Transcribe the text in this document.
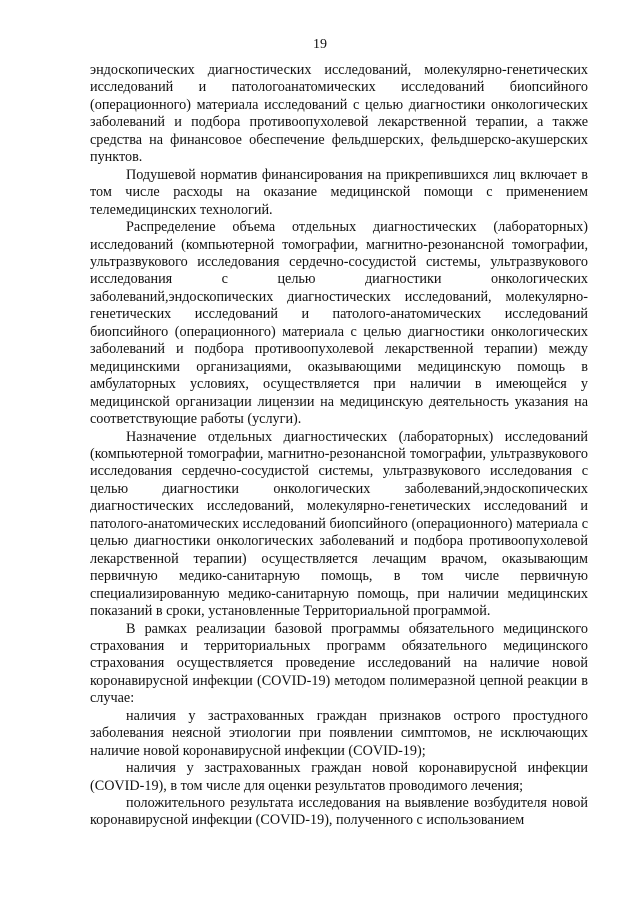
19

эндоскопических диагностических исследований, молекулярно-генетических исследований и патологоанатомических исследований биопсийного (операционного) материала исследований с целью диагностики онкологических заболеваний и подбора противоопухолевой лекарственной терапии, а также средства на финансовое обеспечение фельдшерских, фельдшерско-акушерских пунктов.

Подушевой норматив финансирования на прикрепившихся лиц включает в том числе расходы на оказание медицинской помощи с применением телемедицинских технологий.

Распределение объема отдельных диагностических (лабораторных) исследований (компьютерной томографии, магнитно-резонансной томографии, ультразвукового исследования сердечно-сосудистой системы, ультразвукового исследования с целью диагностики онкологических заболеваний,эндоскопических диагностических исследований, молекулярно-генетических исследований и патолого-анатомических исследований биопсийного (операционного) материала с целью диагностики онкологических заболеваний и подбора противоопухолевой лекарственной терапии) между медицинскими организациями, оказывающими медицинскую помощь в амбулаторных условиях, осуществляется при наличии в имеющейся у медицинской организации лицензии на медицинскую деятельность указания на соответствующие работы (услуги).

Назначение отдельных диагностических (лабораторных) исследований (компьютерной томографии, магнитно-резонансной томографии, ультразвукового исследования сердечно-сосудистой системы, ультразвукового исследования с целью диагностики онкологических заболеваний,эндоскопических диагностических исследований, молекулярно-генетических исследований и патолого-анатомических исследований биопсийного (операционного) материала с целью диагностики онкологических заболеваний и подбора противоопухолевой лекарственной терапии) осуществляется лечащим врачом, оказывающим первичную медико-санитарную помощь, в том числе первичную специализированную медико-санитарную помощь, при наличии медицинских показаний в сроки, установленные Территориальной программой.

В рамках реализации базовой программы обязательного медицинского страхования и территориальных программ обязательного медицинского страхования осуществляется проведение исследований на наличие новой коронавирусной инфекции (COVID-19) методом полимеразной цепной реакции в случае:

наличия у застрахованных граждан признаков острого простудного заболевания неясной этиологии при появлении симптомов, не исключающих наличие новой коронавирусной инфекции (COVID-19);

наличия у застрахованных граждан новой коронавирусной инфекции (COVID-19), в том числе для оценки результатов проводимого лечения;

положительного результата исследования на выявление возбудителя новой коронавирусной инфекции (COVID-19), полученного с использованием
